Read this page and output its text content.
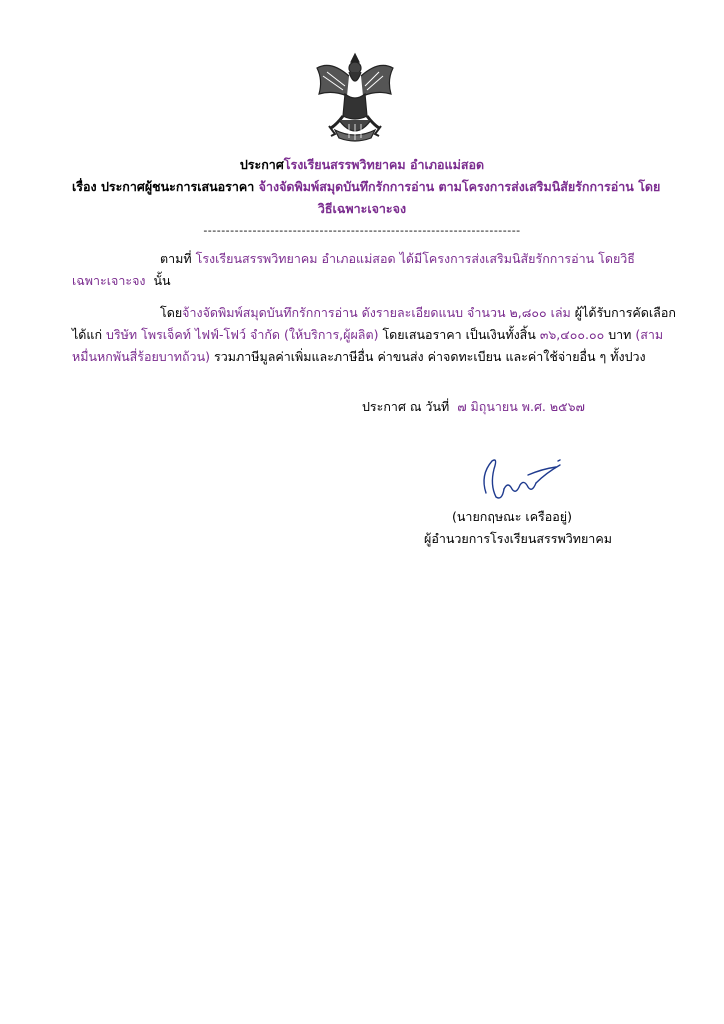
ประกาศโรงเรียนสรรพวิทยาคม อำเภอแม่สอด
เรื่อง ประกาศผู้ชนะการเสนอราคา จ้างจัดพิมพ์สมุดบันทึกรักการอ่าน ตามโครงการส่งเสริมนิสัยรักการอ่าน โดย
วิธีเฉพาะเจาะจง
-----------------------------------------------------------------------
ตามที่ โรงเรียนสรรพวิทยาคม อำเภอแม่สอด ได้มีโครงการส่งเสริมนิสัยรักการอ่าน โดยวิธี
เฉพาะเจาะจง นั้น
โดยจ้างจัดพิมพ์สมุดบันทึกรักการอ่าน ดังรายละเอียดแนบ จำนวน ๒,๘๐๐ เล่ม ผู้ได้รับการคัดเลือก
ได้แก่ บริษัท โพรเจ็คท์ ไฟฟ์-โฟว์ จำกัด (ให้บริการ,ผู้ผลิต) โดยเสนอราคา เป็นเงินทั้งสิ้น ๓๖,๔๐๐.๐๐ บาท (สาม
หมื่นหกพันสี่ร้อยบาทถ้วน) รวมภาษีมูลค่าเพิ่มและภาษีอื่น ค่าขนส่ง ค่าจดทะเบียน และค่าใช้จ่ายอื่น ๆ ทั้งปวง
ประกาศ ณ วันที่ ๗ มิถุนายน พ.ศ. ๒๕๖๗
(นายกฤษณะ เครืออยู่)
ผู้อำนวยการโรงเรียนสรรพวิทยาคม
